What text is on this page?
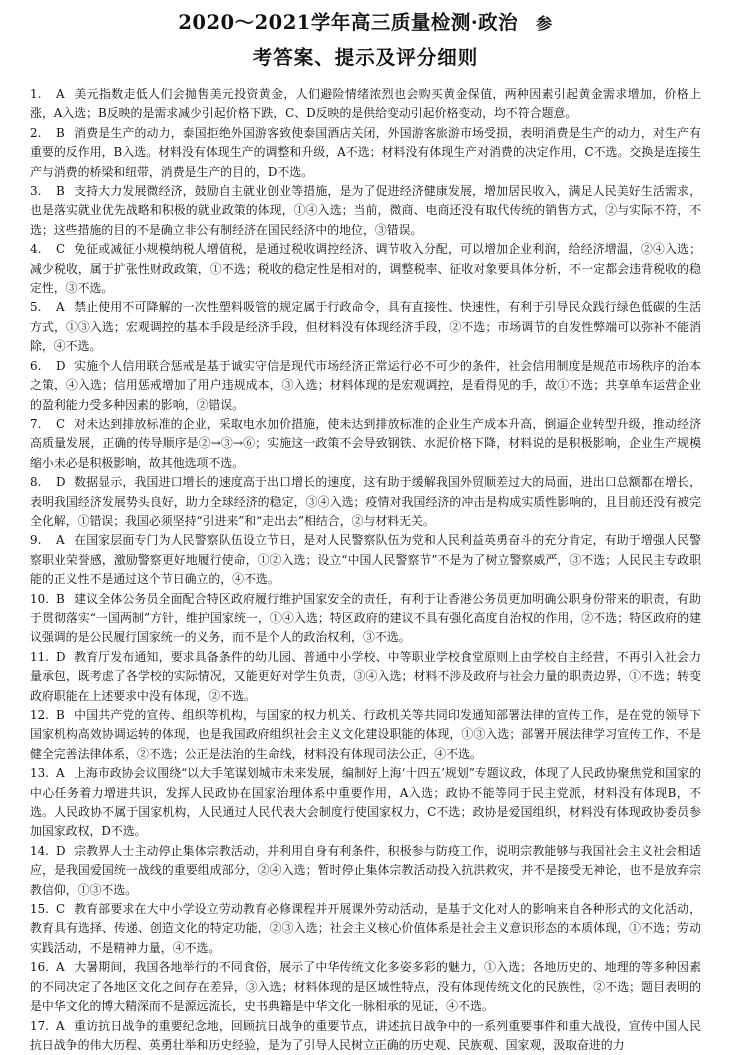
2020～2021学年高三质量检测·政治 参
考答案、提示及评分细则

1. A 美元指数走低人们会抛售美元投资黄金，人们避险情绪浓烈也会购买黄金保值，两种因素引起黄金需求增加，价格上涨，A入选；B反映的是需求减少引起价格下跌，C、D反映的是供给变动引起价格变动，均不符合题意。

2. B 消费是生产的动力，泰国拒绝外国游客致使泰国酒店关闭，外国游客旅游市场受损，表明消费是生产的动力，对生产有重要的反作用，B入选。材料没有体现生产的调整和升级，A不选；材料没有体现生产对消费的决定作用，C不选。交换是连接生产与消费的桥梁和纽带，消费是生产的目的，D不选。

3. B 支持大力发展微经济，鼓励自主就业创业等措施，是为了促进经济健康发展，增加居民收入，满足人民美好生活需求，也是落实就业优先战略和积极的就业政策的体现，①④入选；当前，微商、电商还没有取代传统的销售方式，②与实际不符，不选；这些措施的目的不是确立非公有制经济在国民经济中的地位，③错误。

4. C 免征或减征小规模纳税人增值税，是通过税收调控经济、调节收入分配，可以增加企业利润，给经济增温，②④入选；减少税收，属于扩张性财政政策，①不选；税收的稳定性是相对的，调整税率、征收对象要具体分析，不一定都会违背税收的稳定性，③不选。

5. A 禁止使用不可降解的一次性塑料吸管的规定属于行政命令，具有直接性、快速性，有利于引导民众践行绿色低碳的生活方式，①③入选；宏观调控的基本手段是经济手段，但材料没有体现经济手段，②不选；市场调节的自发性弊端可以弥补不能消除，④不选。

6. D 实施个人信用联合惩戒是基于诚实守信是现代市场经济正常运行必不可少的条件，社会信用制度是规范市场秩序的治本之策，④入选；信用惩戒增加了用户违规成本，③入选；材料体现的是宏观调控，是看得见的手，故①不选；共享单车运营企业的盈利能力受多种因素的影响，②错误。

7. C 对未达到排放标准的企业，采取电水加价措施，使未达到排放标准的企业生产成本升高，倒逼企业转型升级，推动经济高质量发展，正确的传导顺序是②→③→⑥；实施这一政策不会导致钢铁、水泥价格下降，材料说的是积极影响，企业生产规模缩小未必是积极影响，故其他选项不选。

8. D 数据显示，我国进口增长的速度高于出口增长的速度，这有助于缓解我国外贸顺差过大的局面，进出口总额都在增长，表明我国经济发展势头良好，助力全球经济的稳定，③④入选；疫情对我国经济的冲击是构成实质性影响的，且目前还没有被完全化解，①错误；我国必须坚持“引进来”和“走出去”相结合，②与材料无关。

9. A 在国家层面专门为人民警察队伍设立节日，是对人民警察队伍为党和人民利益英勇奋斗的充分肯定，有助于增强人民警察职业荣誉感，激励警察更好地履行使命，①②入选；设立“中国人民警察节”不是为了树立警察威严，③不选；人民民主专政职能的正义性不是通过这个节日确立的，④不选。

10. B 建议全体公务员全面配合特区政府履行维护国家安全的责任，有利于让香港公务员更加明确公职身份带来的职责，有助于贯彻落实“一国两制”方针，维护国家统一，①④入选；特区政府的建议不具有强化高度自治权的作用，②不选；特区政府的建议强调的是公民履行国家统一的义务，而不是个人的政治权利，③不选。

11. D 教育厅发布通知，要求具备条件的幼儿园、普通中小学校、中等职业学校食堂原则上由学校自主经营，不再引入社会力量承包，既考虑了各学校的实际情况，又能更好对学生负责，③④入选；材料不涉及政府与社会力量的职责边界，①不选；转变政府职能在上述要求中没有体现，②不选。

12. B 中国共产党的宣传、组织等机构，与国家的权力机关、行政机关等共同印发通知部署法律的宣传工作，是在党的领导下国家机构高效协调运转的体现，也是我国政府组织社会主义文化建设职能的体现，①③入选；部署开展法律学习宣传工作，不是健全完善法律体系，②不选；公正是法治的生命线，材料没有体现司法公正，④不选。

13. A 上海市政协会议围绕“以大手笔谋划城市未来发展，编制好上海‘十四五’规划”专题议政，体现了人民政协聚焦党和国家的中心任务着力增进共识，发挥人民政协在国家治理体系中重要作用，A入选；政协不能等同于民主党派，材料没有体现B，不选。人民政协不属于国家机构，人民通过人民代表大会制度行使国家权力，C不选；政协是爱国组织，材料没有体现政协委员参加国家政权，D不选。

14. D 宗教界人士主动停止集体宗教活动，并利用自身有利条件，积极参与防疫工作，说明宗教能够与我国社会主义社会相适应，是我国爱国统一战线的重要组成部分，②④入选；暂时停止集体宗教活动投入抗洪救灾，并不是接受无神论，也不是放弃宗教信仰，①③不选。

15. C 教育部要求在大中小学设立劳动教育必修课程并开展课外劳动活动，是基于文化对人的影响来自各种形式的文化活动，教育具有选择、传递、创造文化的特定功能，②③入选；社会主义核心价值体系是社会主义意识形态的本质体现，①不选；劳动实践活动，不是精神力量，④不选。

16. A 大暑期间，我国各地举行的不同食俗，展示了中华传统文化多姿多彩的魅力，①入选；各地历史的、地理的等多种因素的不同决定了各地区文化之间存在差异，③入选；材料体现的是区域性特点，没有体现传统文化的民族性，②不选；题目表明的是中华文化的博大精深而不是源远流长，史书典籍是中华文化一脉相承的见证，④不选。

17. A 重访抗日战争的重要纪念地，回顾抗日战争的重要节点，讲述抗日战争中的一系列重要事件和重大战役，宣传中国人民抗日战争的伟大历程、英勇壮举和历史经验，是为了引导人民树立正确的历史观、民族观、国家观，汲取奋进的力
